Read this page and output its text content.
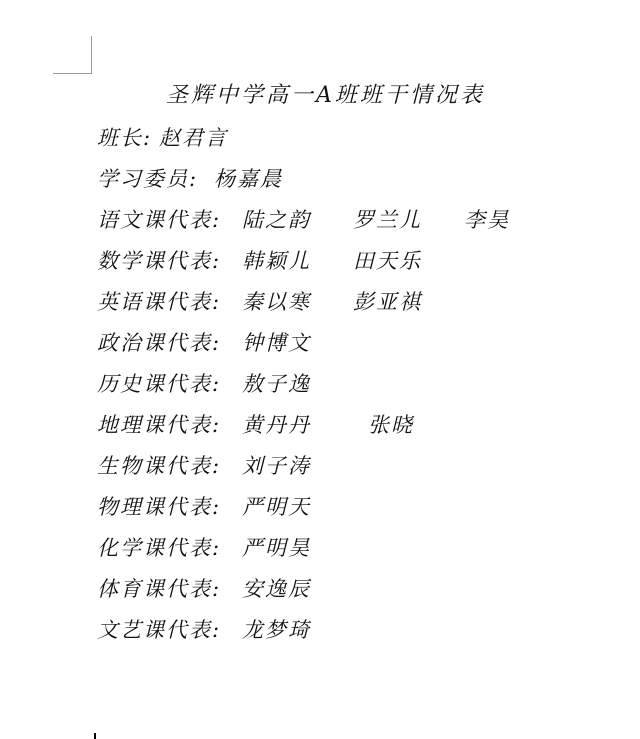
圣辉中学高一A班班干情况表
班长: 赵君言
学习委员: 杨嘉晨
语文课代表: 陆之韵 罗兰儿 李昊
数学课代表: 韩颖儿 田天乐
英语课代表: 秦以寒 彭亚祺
政治课代表: 钟博文
历史课代表: 敖子逸
地理课代表: 黄丹丹	张晓
生物课代表: 刘子涛
物理课代表: 严明天
化学课代表: 严明昊
体育课代表: 安逸辰
文艺课代表: 龙梦琦
